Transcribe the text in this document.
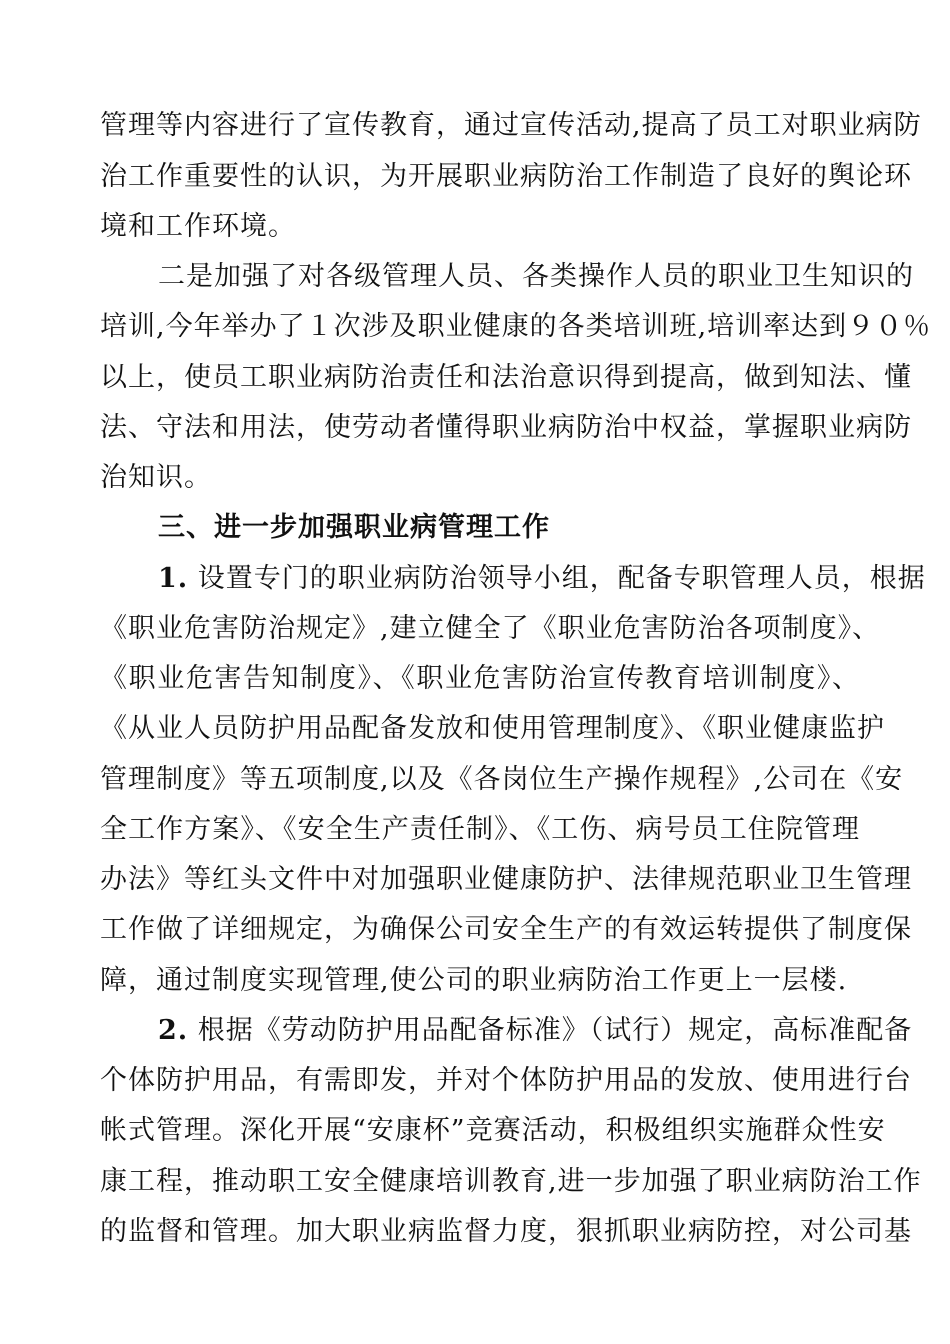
管理等内容进行了宣传教育，通过宣传活动,提高了员工对职业病防
治工作重要性的认识，为开展职业病防治工作制造了良好的舆论环
境和工作环境。
二是加强了对各级管理人员、各类操作人员的职业卫生知识的
培训,今年举办了１次涉及职业健康的各类培训班,培训率达到９０％
以上，使员工职业病防治责任和法治意识得到提高，做到知法、懂
法、守法和用法，使劳动者懂得职业病防治中权益，掌握职业病防
治知识。
三、进一步加强职业病管理工作
1. 设置专门的职业病防治领导小组，配备专职管理人员，根据
《职业危害防治规定》,建立健全了《职业危害防治各项制度》、
《职业危害告知制度》、《职业危害防治宣传教育培训制度》、
《从业人员防护用品配备发放和使用管理制度》、《职业健康监护
管理制度》等五项制度,以及《各岗位生产操作规程》,公司在《安
全工作方案》、《安全生产责任制》、《工伤、病号员工住院管理
办法》等红头文件中对加强职业健康防护、法律规范职业卫生管理
工作做了详细规定，为确保公司安全生产的有效运转提供了制度保
障，通过制度实现管理,使公司的职业病防治工作更上一层楼.
2. 根据《劳动防护用品配备标准》（试行）规定，高标准配备
个体防护用品，有需即发，并对个体防护用品的发放、使用进行台
帐式管理。深化开展“安康杯”竞赛活动，积极组织实施群众性安
康工程，推动职工安全健康培训教育,进一步加强了职业病防治工作
的监督和管理。加大职业病监督力度，狠抓职业病防控，对公司基
